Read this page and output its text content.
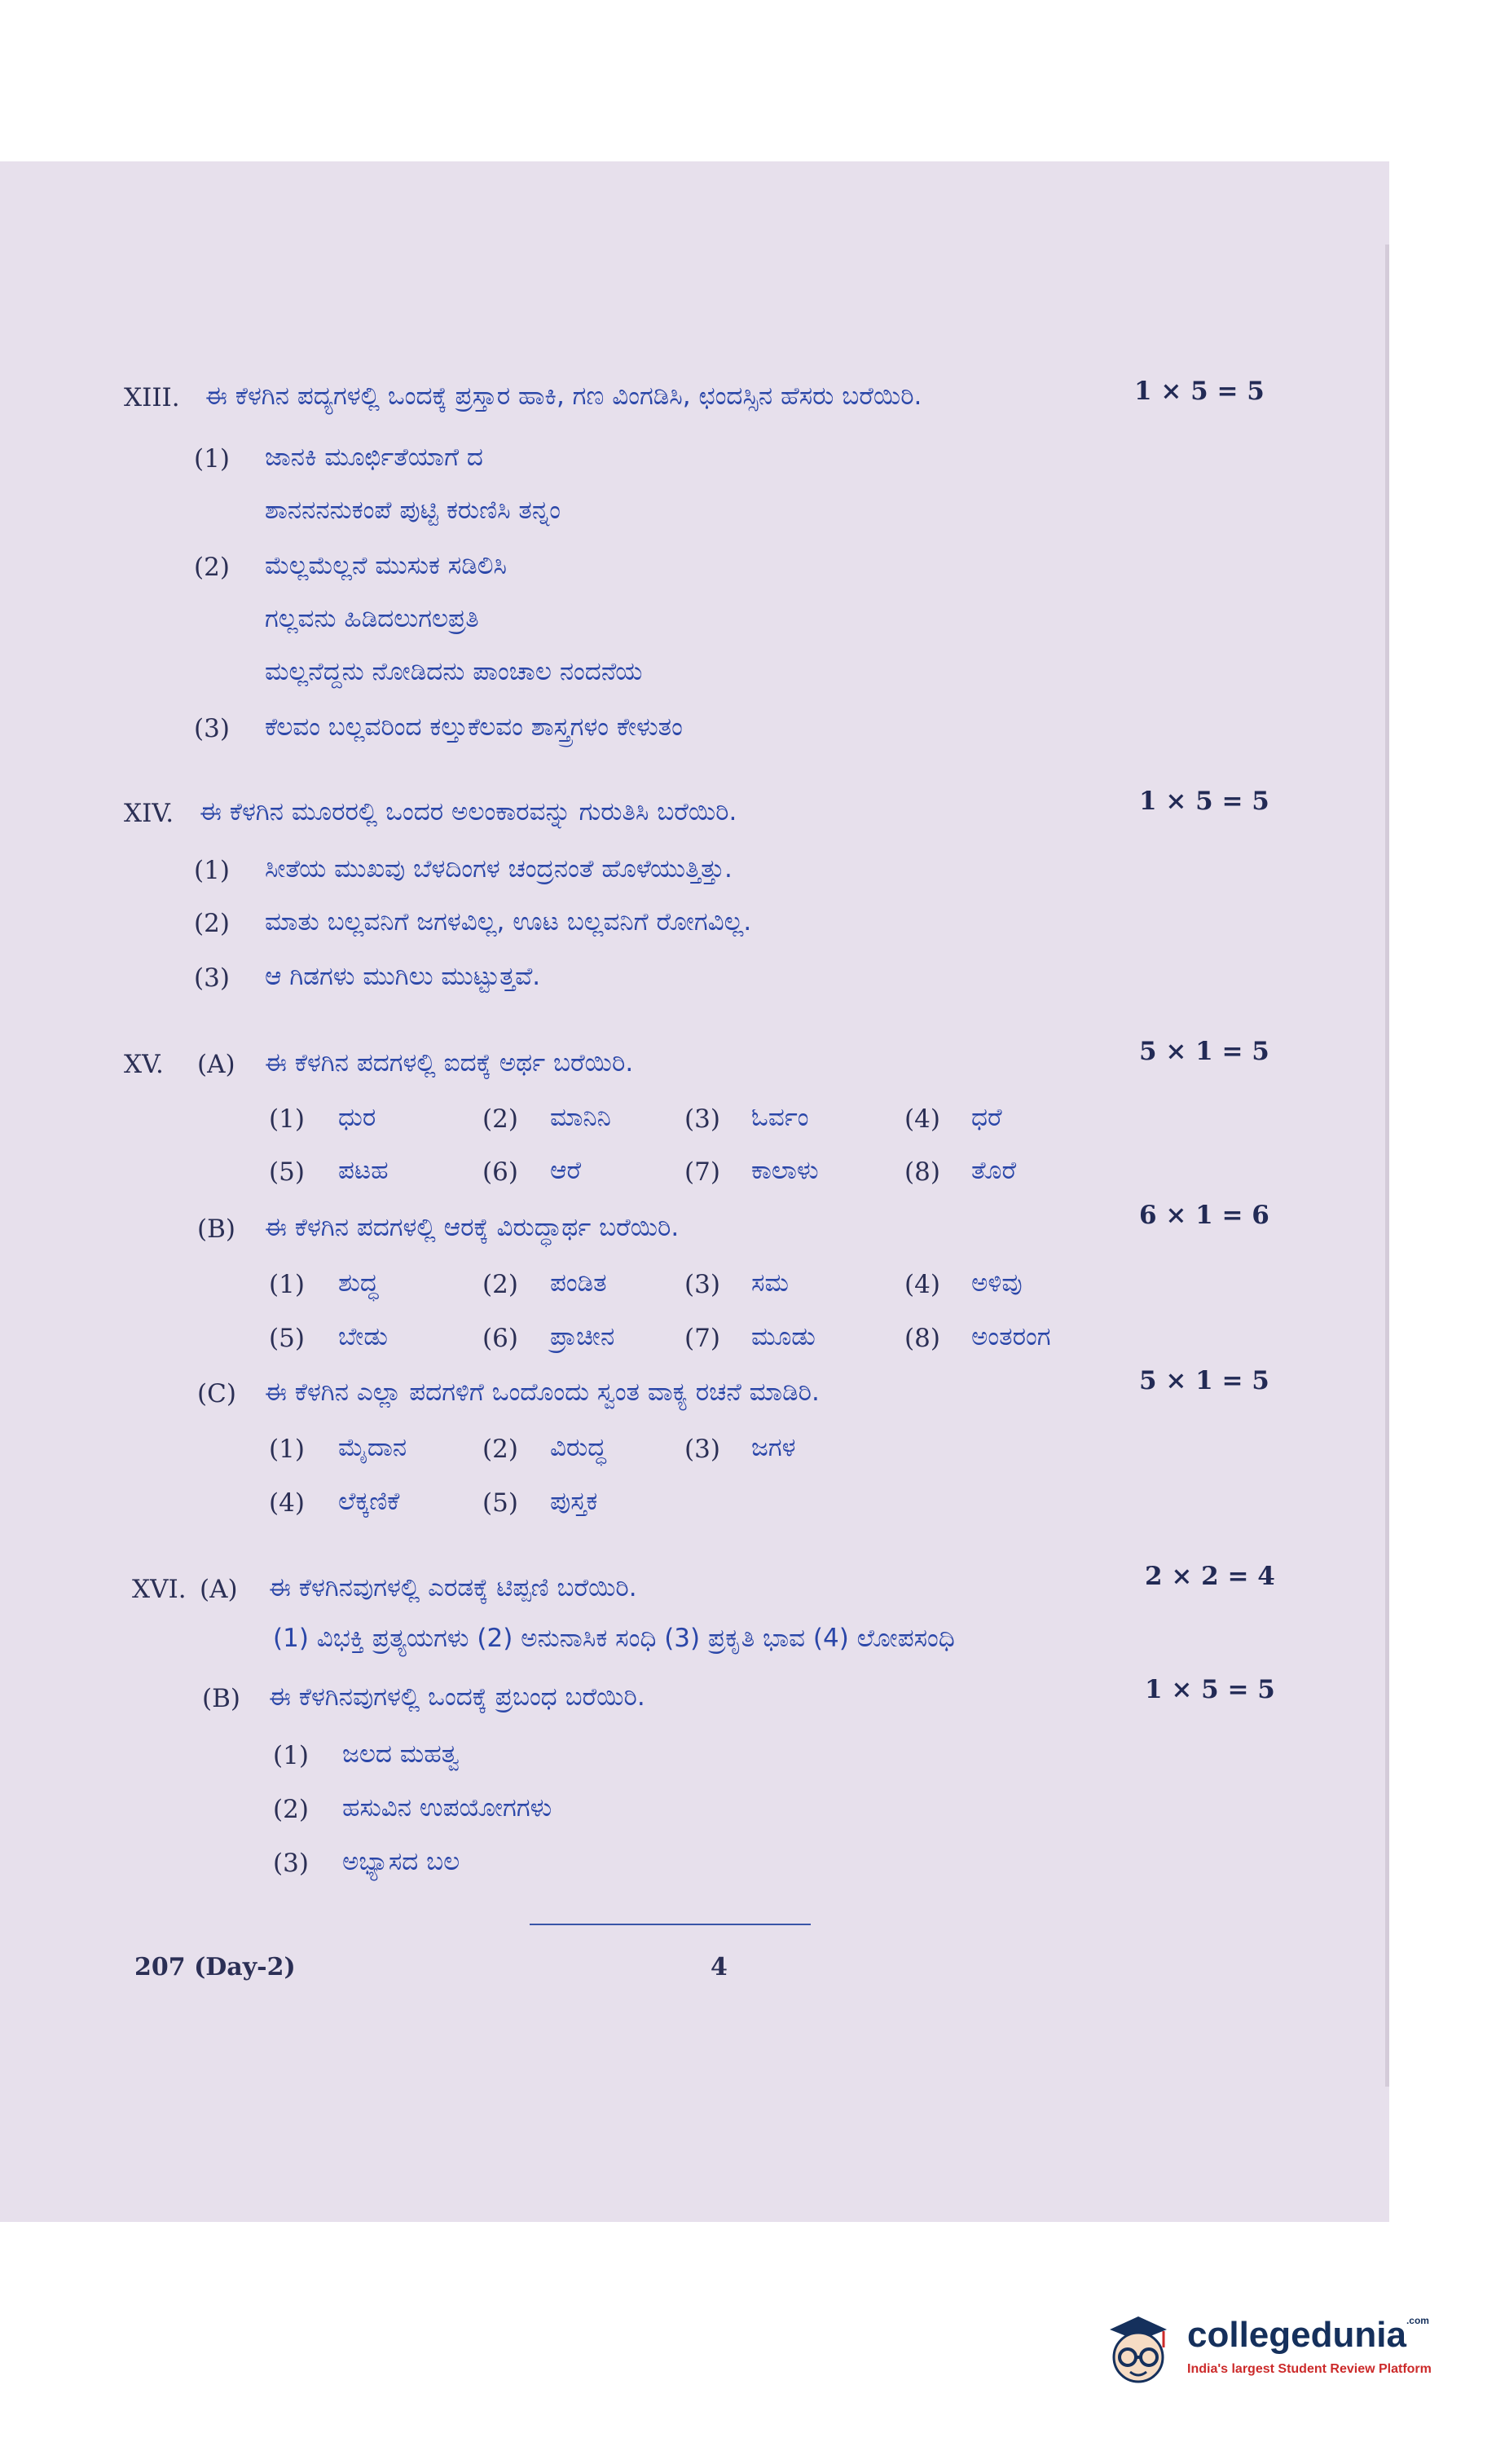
XIII. ಈ ಕೆಳಗಿನ ಪದ್ಯಗಳಲ್ಲಿ ಒಂದಕ್ಕೆ ಪ್ರಸ್ತಾರ ಹಾಕಿ, ಗಣ ವಿಂಗಡಿಸಿ, ಛಂದಸ್ಸಿನ ಹೆಸರು ಬರೆಯಿರಿ.	1 × 5 = 5
(1) ಜಾನಕಿ ಮೂರ್ಛಿತೆಯಾಗೆ ದ
ಶಾನನನನುಕಂಪೆ ಪುಟ್ಟಿ ಕರುಣಿಸಿ ತನ್ನಂ
(2) ಮೆಲ್ಲಮೆಲ್ಲನೆ ಮುಸುಕ ಸಡಿಲಿಸಿ
ಗಲ್ಲವನು ಹಿಡಿದಲುಗಲಪ್ರತಿ
ಮಲ್ಲನೆದ್ದನು ನೋಡಿದನು ಪಾಂಚಾಲ ನಂದನೆಯ
(3) ಕೆಲವಂ ಬಲ್ಲವರಿಂದ ಕಲ್ತುಕೆಲವಂ ಶಾಸ್ತ್ರಗಳಂ ಕೇಳುತಂ
XIV. ಈ ಕೆಳಗಿನ ಮೂರರಲ್ಲಿ ಒಂದರ ಅಲಂಕಾರವನ್ನು ಗುರುತಿಸಿ ಬರೆಯಿರಿ.	1 × 5 = 5
(1) ಸೀತೆಯ ಮುಖವು ಬೆಳದಿಂಗಳ ಚಂದ್ರನಂತೆ ಹೊಳೆಯುತ್ತಿತ್ತು.
(2) ಮಾತು ಬಲ್ಲವನಿಗೆ ಜಗಳವಿಲ್ಲ, ಊಟ ಬಲ್ಲವನಿಗೆ ರೋಗವಿಲ್ಲ.
(3) ಆ ಗಿಡಗಳು ಮುಗಿಲು ಮುಟ್ಟುತ್ತವೆ.
XV. (A) ಈ ಕೆಳಗಿನ ಪದಗಳಲ್ಲಿ ಐದಕ್ಕೆ ಅರ್ಥ ಬರೆಯಿರಿ.	5 × 1 = 5
(1) ಧುರ	(2) ಮಾನಿನಿ	(3) ಓರ್ವಂ	(4) ಧರೆ
(5) ಪಟಹ	(6) ಆರೆ	(7) ಕಾಲಾಳು	(8) ತೊರೆ
(B) ಈ ಕೆಳಗಿನ ಪದಗಳಲ್ಲಿ ಆರಕ್ಕೆ ವಿರುದ್ಧಾರ್ಥ ಬರೆಯಿರಿ.	6 × 1 = 6
(1) ಶುದ್ಧ	(2) ಪಂಡಿತ	(3) ಸಮ	(4) ಅಳಿವು
(5) ಬೇಡು	(6) ಪ್ರಾಚೀನ	(7) ಮೂಡು	(8) ಅಂತರಂಗ
(C) ಈ ಕೆಳಗಿನ ಎಲ್ಲಾ ಪದಗಳಿಗೆ ಒಂದೊಂದು ಸ್ವಂತ ವಾಕ್ಯ ರಚನೆ ಮಾಡಿರಿ.	5 × 1 = 5
(1) ಮೈದಾನ	(2) ವಿರುದ್ಧ	(3) ಜಗಳ
(4) ಲೆಕ್ಕಣಿಕೆ	(5) ಪುಸ್ತಕ
XVI. (A) ಈ ಕೆಳಗಿನವುಗಳಲ್ಲಿ ಎರಡಕ್ಕೆ ಟಿಪ್ಪಣಿ ಬರೆಯಿರಿ.	2 × 2 = 4
(1) ವಿಭಕ್ತಿ ಪ್ರತ್ಯಯಗಳು (2) ಅನುನಾಸಿಕ ಸಂಧಿ (3) ಪ್ರಕೃತಿ ಭಾವ (4) ಲೋಪಸಂಧಿ
(B) ಈ ಕೆಳಗಿನವುಗಳಲ್ಲಿ ಒಂದಕ್ಕೆ ಪ್ರಬಂಧ ಬರೆಯಿರಿ.	1 × 5 = 5
(1) ಜಲದ ಮಹತ್ವ
(2) ಹಸುವಿನ ಉಪಯೋಗಗಳು
(3) ಅಭ್ಯಾಸದ ಬಲ
207 (Day-2)	4
collegedunia$^{.com}$
India's largest Student Review Platform
